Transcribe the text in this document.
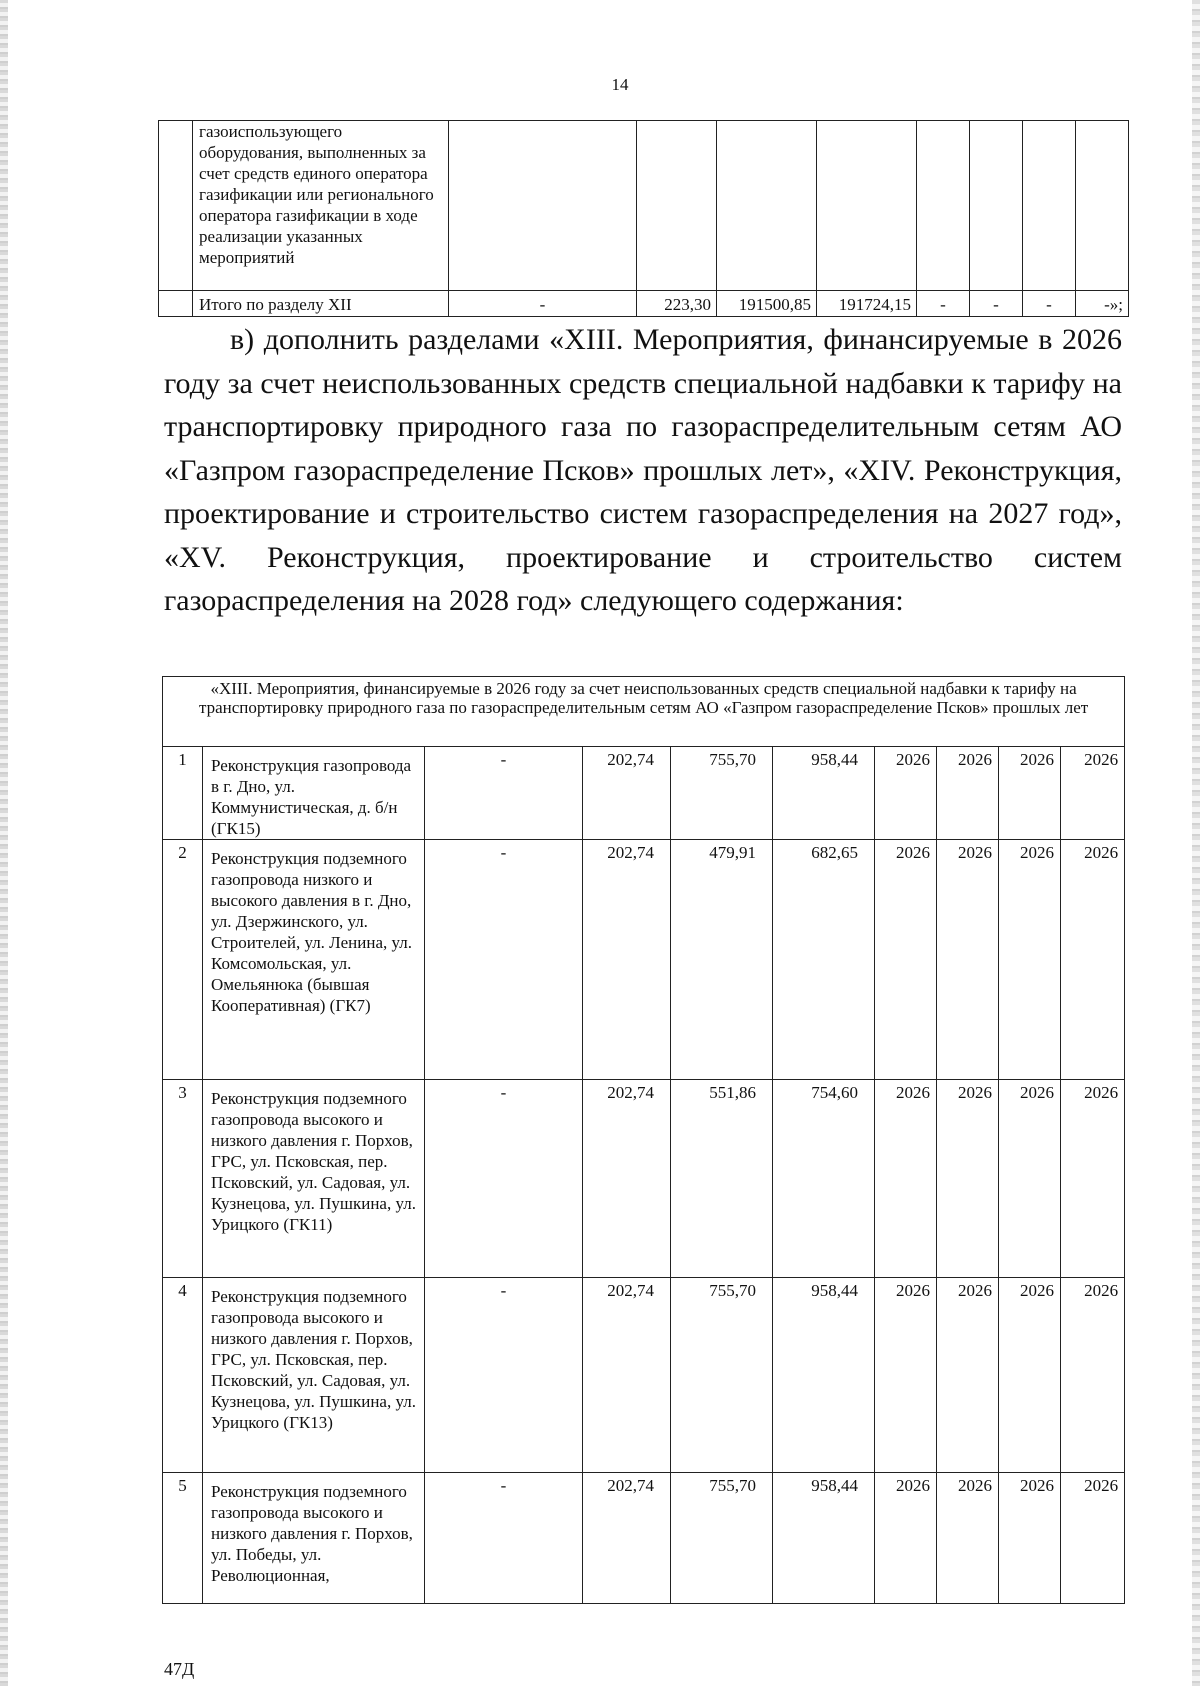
14
	газоиспользующего оборудования, выполненных за счет средств единого оператора газификации или регионального оператора газификации в ходе реализации указанных мероприятий								
	Итого по разделу XII	-	223,30	191500,85	191724,15	-	-	-	-»;
в) дополнить разделами «XIII. Мероприятия, финансируемые в 2026 году за счет неиспользованных средств специальной надбавки к тарифу на транспортировку природного газа по газораспределительным сетям АО «Газпром газораспределение Псков» прошлых лет», «XIV. Реконструкция, проектирование и строительство систем газораспределения на 2027 год», «XV. Реконструкция, проектирование и строительство систем газораспределения на 2028 год» следующего содержания:
«XIII. Мероприятия, финансируемые в 2026 году за счет неиспользованных средств специальной надбавки к тарифу на транспортировку природного газа по газораспределительным сетям АО «Газпром газораспределение Псков» прошлых лет									
1	Реконструкция газопровода в г. Дно, ул. Коммунистическая, д. б/н (ГК15)	-	202,74	755,70	958,44	2026	2026	2026	2026
2	Реконструкция подземного газопровода низкого и высокого давления в г. Дно, ул. Дзержинского, ул. Строителей, ул. Ленина, ул. Комсомольская, ул. Омельянюка (бывшая Кооперативная) (ГК7)	-	202,74	479,91	682,65	2026	2026	2026	2026
3	Реконструкция подземного газопровода высокого и низкого давления г. Порхов, ГРС, ул. Псковская, пер. Псковский, ул. Садовая, ул. Кузнецова, ул. Пушкина, ул. Урицкого (ГК11)	-	202,74	551,86	754,60	2026	2026	2026	2026
4	Реконструкция подземного газопровода высокого и низкого давления г. Порхов, ГРС, ул. Псковская, пер. Псковский, ул. Садовая, ул. Кузнецова, ул. Пушкина, ул. Урицкого (ГК13)	-	202,74	755,70	958,44	2026	2026	2026	2026
5	Реконструкция подземного газопровода высокого и низкого давления г. Порхов, ул. Победы, ул. Революционная,	-	202,74	755,70	958,44	2026	2026	2026	2026
47Д
